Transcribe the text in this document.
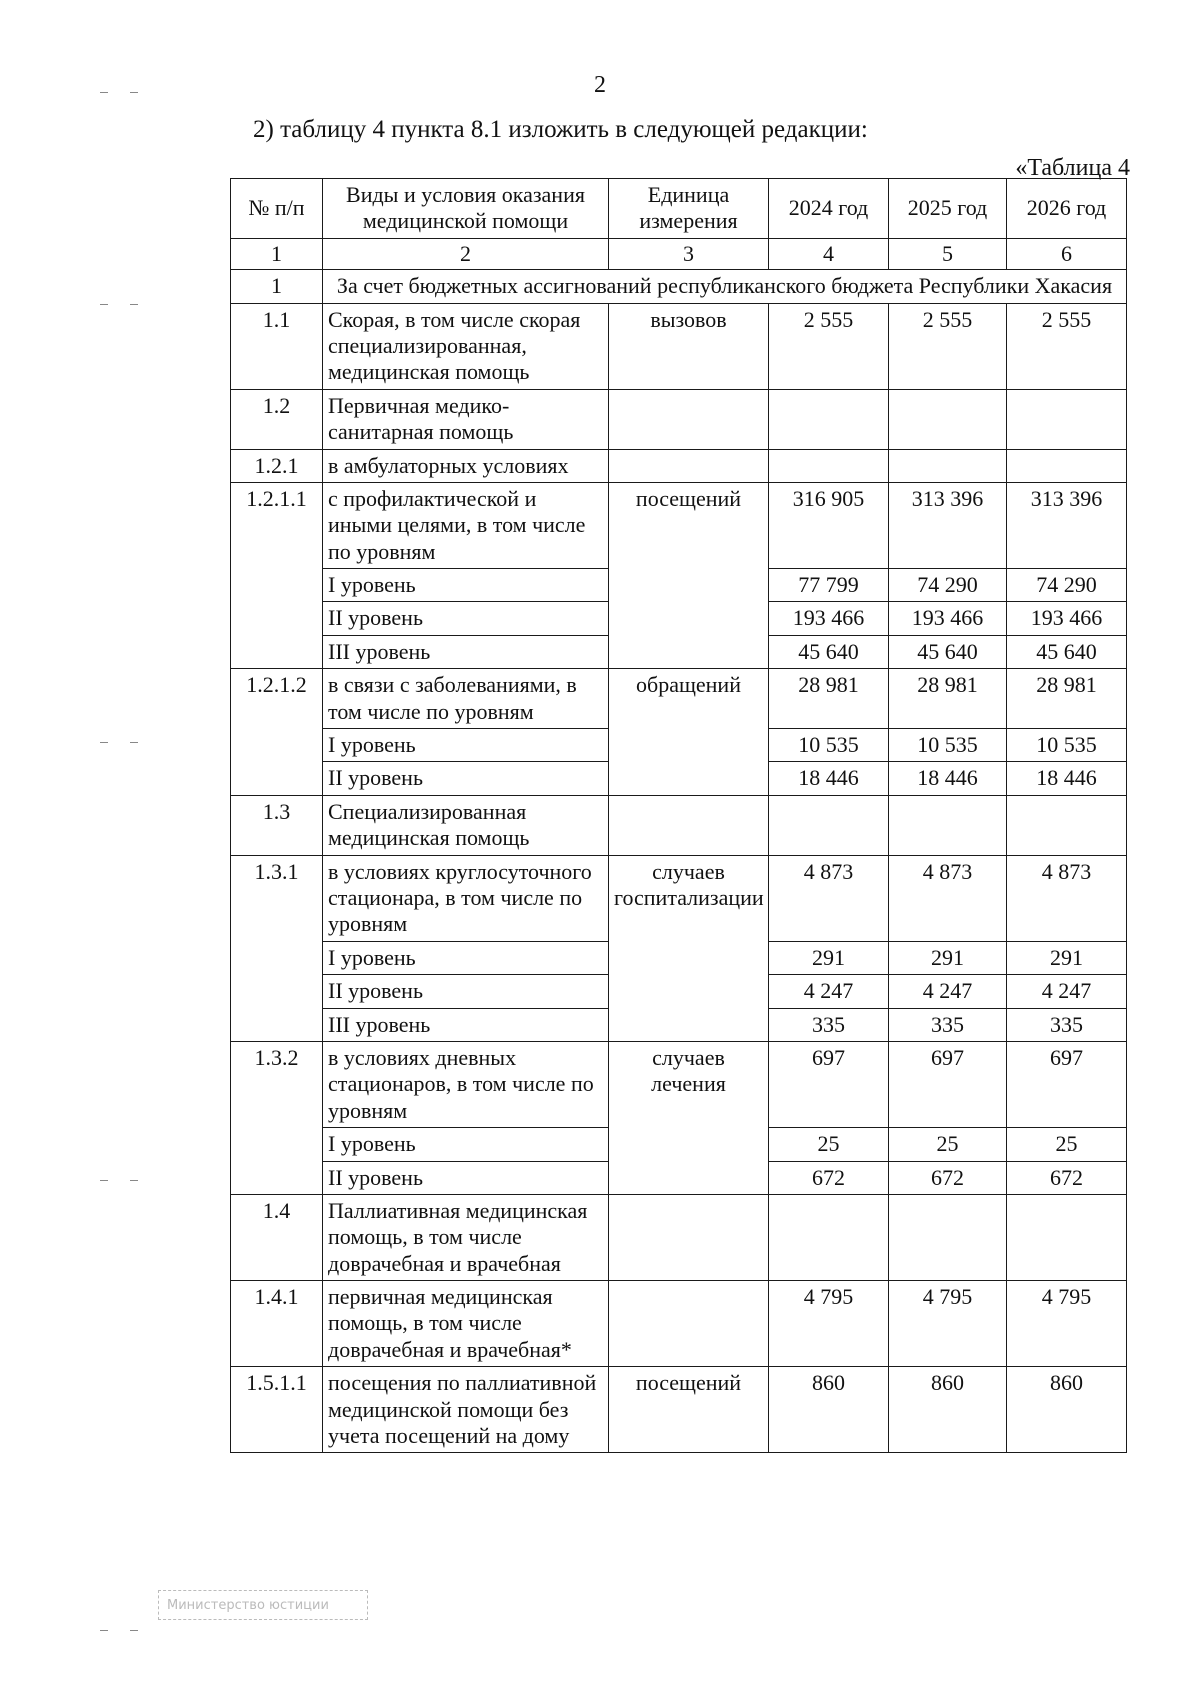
2
2) таблицу 4 пункта 8.1 изложить в следующей редакции:
«Таблица 4
№ п/п	Виды и условия оказания медицинской помощи	Единица измерения	2024 год	2025 год	2026 год
1	2	3	4	5	6
1	За счет бюджетных ассигнований республиканского бюджета Республики Хакасия				
1.1	Скорая, в том числе скорая специализированная, медицинская помощь	вызовов	2 555	2 555	2 555
1.2	Первичная медико-санитарная помощь				
1.2.1	в амбулаторных условиях				
1.2.1.1	с профилактической и иными целями, в том числе по уровням	посещений	316 905	313 396	313 396
	I уровень		77 799	74 290	74 290
	II уровень		193 466	193 466	193 466
	III уровень		45 640	45 640	45 640
1.2.1.2	в связи с заболеваниями, в том числе по уровням	обращений	28 981	28 981	28 981
	I уровень		10 535	10 535	10 535
	II уровень		18 446	18 446	18 446
1.3	Специализированная медицинская помощь				
1.3.1	в условиях круглосуточного стационара, в том числе по уровням	случаев госпитализации	4 873	4 873	4 873
	I уровень		291	291	291
	II уровень		4 247	4 247	4 247
	III уровень		335	335	335
1.3.2	в условиях дневных стационаров, в том числе по уровням	случаев лечения	697	697	697
	I уровень		25	25	25
	II уровень		672	672	672
1.4	Паллиативная медицинская помощь, в том числе доврачебная и врачебная				
1.4.1	первичная медицинская помощь, в том числе доврачебная и врачебная*		4 795	4 795	4 795
1.5.1.1	посещения по паллиативной медицинской помощи без учета посещений на дому	посещений	860	860	860
Министерство юстиции
